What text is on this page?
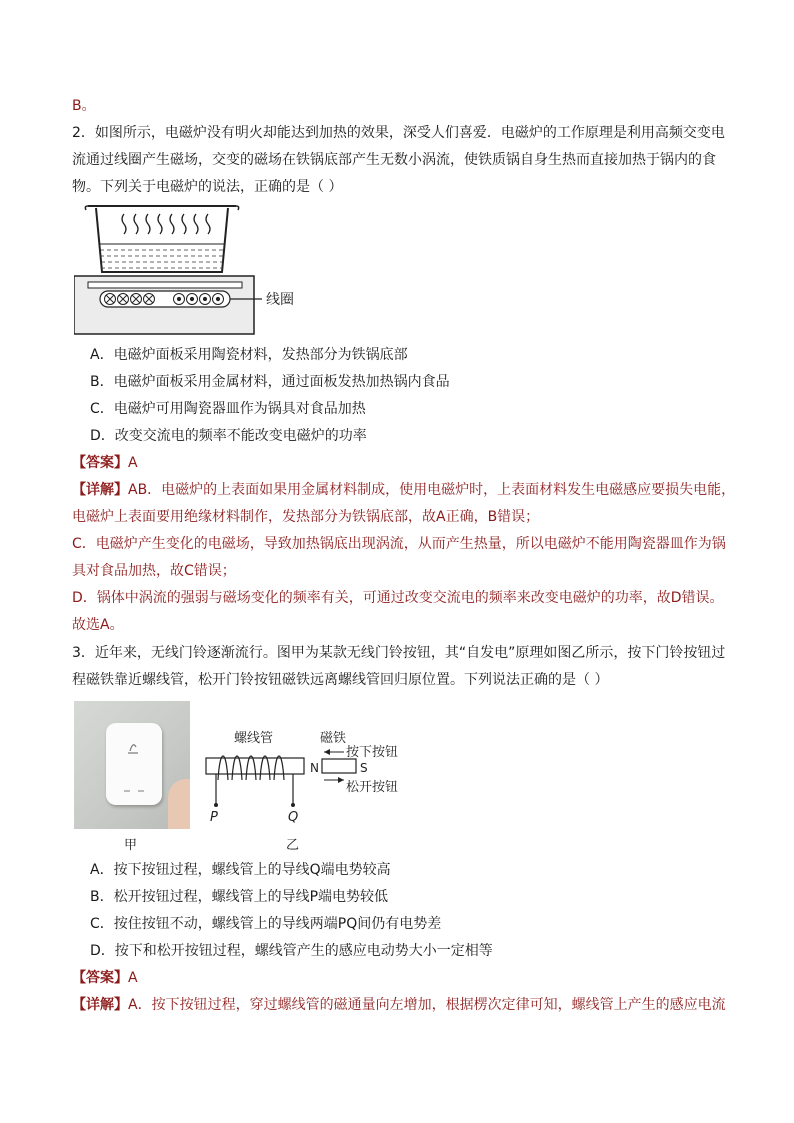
B。
2．如图所示，电磁炉没有明火却能达到加热的效果，深受人们喜爱．电磁炉的工作原理是利用高频交变电
流通过线圈产生磁场，交变的磁场在铁锅底部产生无数小涡流，使铁质锅自身生热而直接加热于锅内的食
物。下列关于电磁炉的说法，正确的是（ ）
线圈
A．电磁炉面板采用陶瓷材料，发热部分为铁锅底部
B．电磁炉面板采用金属材料，通过面板发热加热锅内食品
C．电磁炉可用陶瓷器皿作为锅具对食品加热
D．改变交流电的频率不能改变电磁炉的功率
【答案】A
【详解】AB．电磁炉的上表面如果用金属材料制成，使用电磁炉时，上表面材料发生电磁感应要损失电能，
电磁炉上表面要用绝缘材料制作，发热部分为铁锅底部，故A正确，B错误；
C．电磁炉产生变化的电磁场，导致加热锅底出现涡流，从而产生热量，所以电磁炉不能用陶瓷器皿作为锅
具对食品加热，故C错误；
D．锅体中涡流的强弱与磁场变化的频率有关，可通过改变交流电的频率来改变电磁炉的功率，故D错误。
故选A。
3．近年来，无线门铃逐渐流行。图甲为某款无线门铃按钮，其“自发电”原理如图乙所示，按下门铃按钮过
程磁铁靠近螺线管，松开门铃按钮磁铁远离螺线管回归原位置。下列说法正确的是（ ）
甲
螺线管	磁铁
P	Q
N	S
按下按钮
松开按钮
乙
A．按下按钮过程，螺线管上的导线Q端电势较高
B．松开按钮过程，螺线管上的导线P端电势较低
C．按住按钮不动，螺线管上的导线两端PQ间仍有电势差
D．按下和松开按钮过程，螺线管产生的感应电动势大小一定相等
【答案】A
【详解】A．按下按钮过程，穿过螺线管的磁通量向左增加，根据楞次定律可知，螺线管上产生的感应电流
